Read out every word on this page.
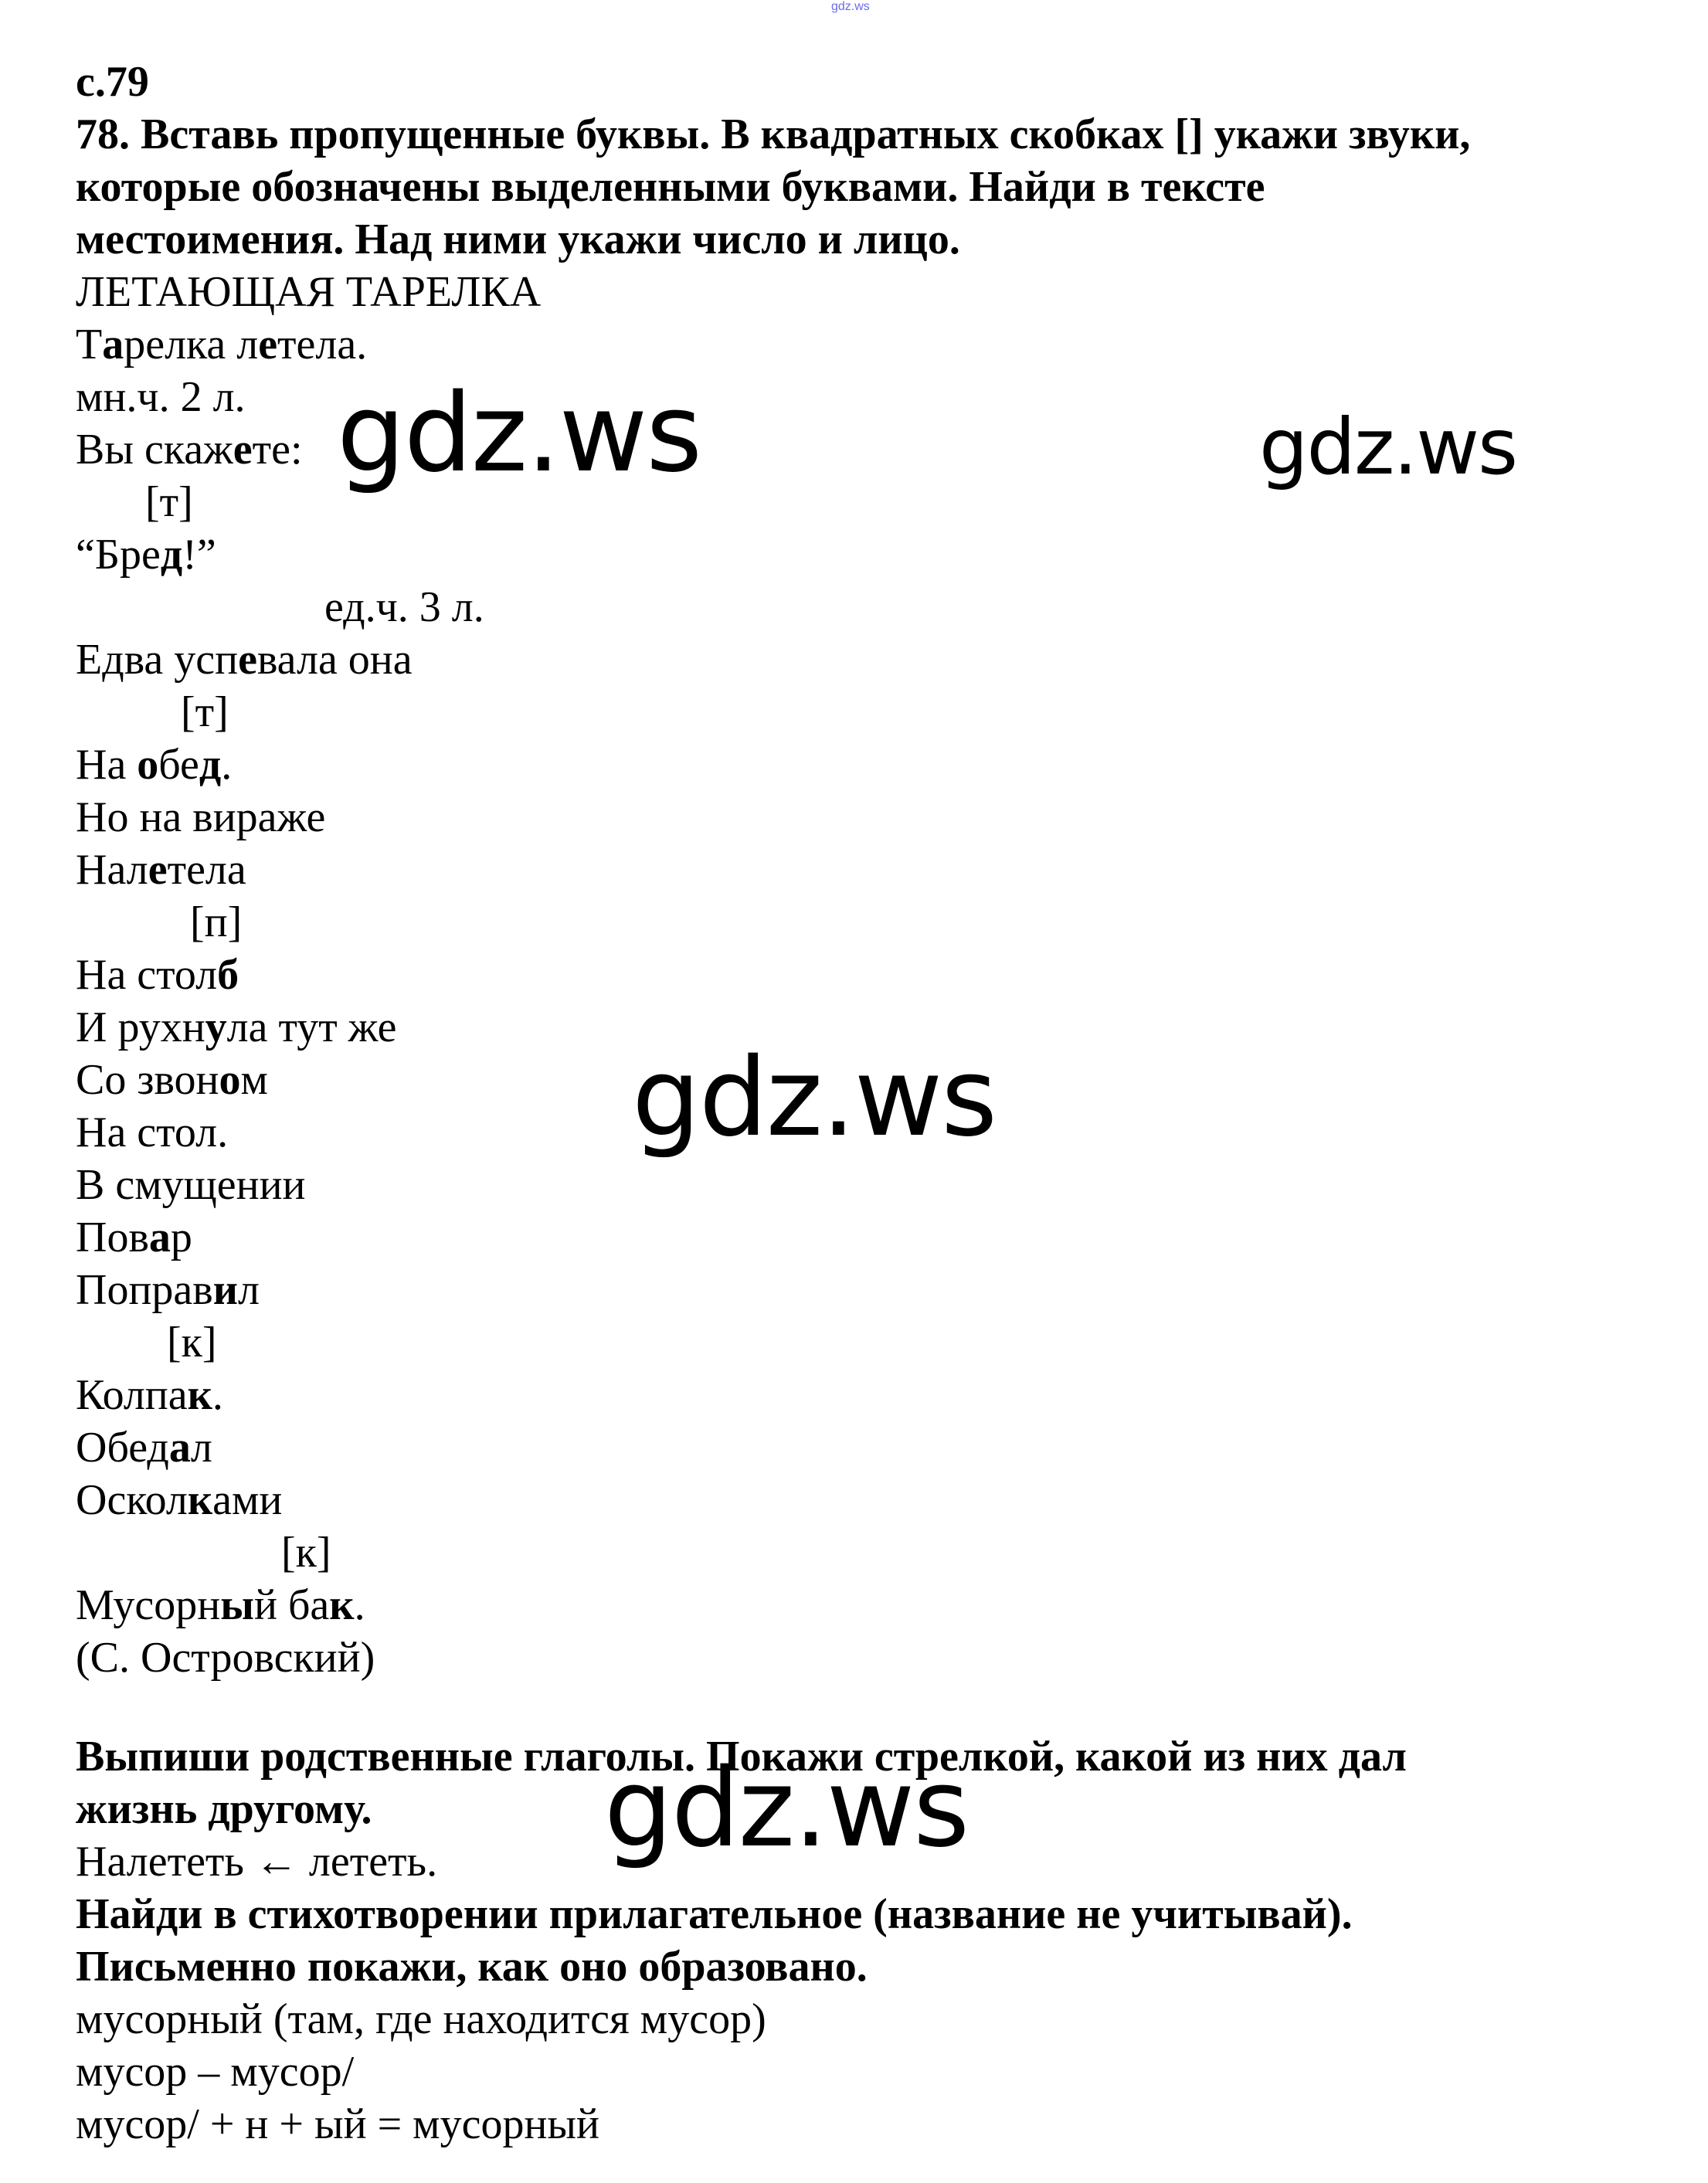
gdz.ws
с.79
78. Вставь пропущенные буквы. В квадратных скобках [] укажи звуки,
которые обозначены выделенными буквами. Найди в тексте
местоимения. Над ними укажи число и лицо.
ЛЕТАЮЩАЯ ТАРЕЛКА
Тарелка летела.
мн.ч. 2 л.
Вы скажете:
[т]
“Бред!”
ед.ч. 3 л.
Едва успевала она
[т]
На обед.
Но на вираже
Налетела
[п]
На столб
И рухнула тут же
Со звоном
На стол.
В смущении
Повар
Поправил
[к]
Колпак.
Обедал
Осколками
[к]
Мусорный бак.
(С. Островский)
Выпиши родственные глаголы. Покажи стрелкой, какой из них дал
жизнь другому.
Налететь ← лететь.
Найди в стихотворении прилагательное (название не учитывай).
Письменно покажи, как оно образовано.
мусорный (там, где находится мусор)
мусор – мусор/
мусор/ + н + ый = мусорный
gdz.ws	gdz.ws
gdz.ws
gdz.ws
